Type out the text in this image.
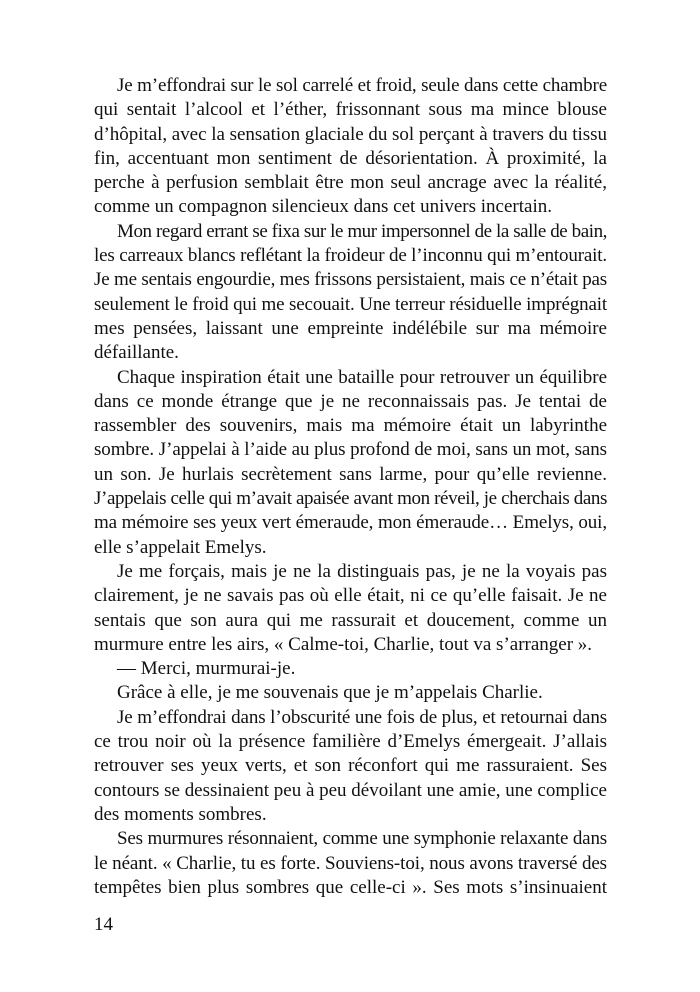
Je m’effondrai sur le sol carrelé et froid, seule dans cette chambre
qui sentait l’alcool et l’éther, frissonnant sous ma mince blouse
d’hôpital, avec la sensation glaciale du sol perçant à travers du tissu
fin, accentuant mon sentiment de désorientation. À proximité, la
perche à perfusion semblait être mon seul ancrage avec la réalité,
comme un compagnon silencieux dans cet univers incertain.
Mon regard errant se fixa sur le mur impersonnel de la salle de bain,
les carreaux blancs reflétant la froideur de l’inconnu qui m’entourait.
Je me sentais engourdie, mes frissons persistaient, mais ce n’était pas
seulement le froid qui me secouait. Une terreur résiduelle imprégnait
mes pensées, laissant une empreinte indélébile sur ma mémoire
défaillante.
Chaque inspiration était une bataille pour retrouver un équilibre
dans ce monde étrange que je ne reconnaissais pas. Je tentai de
rassembler des souvenirs, mais ma mémoire était un labyrinthe
sombre. J’appelai à l’aide au plus profond de moi, sans un mot, sans
un son. Je hurlais secrètement sans larme, pour qu’elle revienne.
J’appelais celle qui m’avait apaisée avant mon réveil, je cherchais dans
ma mémoire ses yeux vert émeraude, mon émeraude… Emelys, oui,
elle s’appelait Emelys.
Je me forçais, mais je ne la distinguais pas, je ne la voyais pas
clairement, je ne savais pas où elle était, ni ce qu’elle faisait. Je ne
sentais que son aura qui me rassurait et doucement, comme un
murmure entre les airs, « Calme-toi, Charlie, tout va s’arranger ».
— Merci, murmurai-je.
Grâce à elle, je me souvenais que je m’appelais Charlie.
Je m’effondrai dans l’obscurité une fois de plus, et retournai dans
ce trou noir où la présence familière d’Emelys émergeait. J’allais
retrouver ses yeux verts, et son réconfort qui me rassuraient. Ses
contours se dessinaient peu à peu dévoilant une amie, une complice
des moments sombres.
Ses murmures résonnaient, comme une symphonie relaxante dans
le néant. « Charlie, tu es forte. Souviens-toi, nous avons traversé des
tempêtes bien plus sombres que celle-ci ». Ses mots s’insinuaient
14
